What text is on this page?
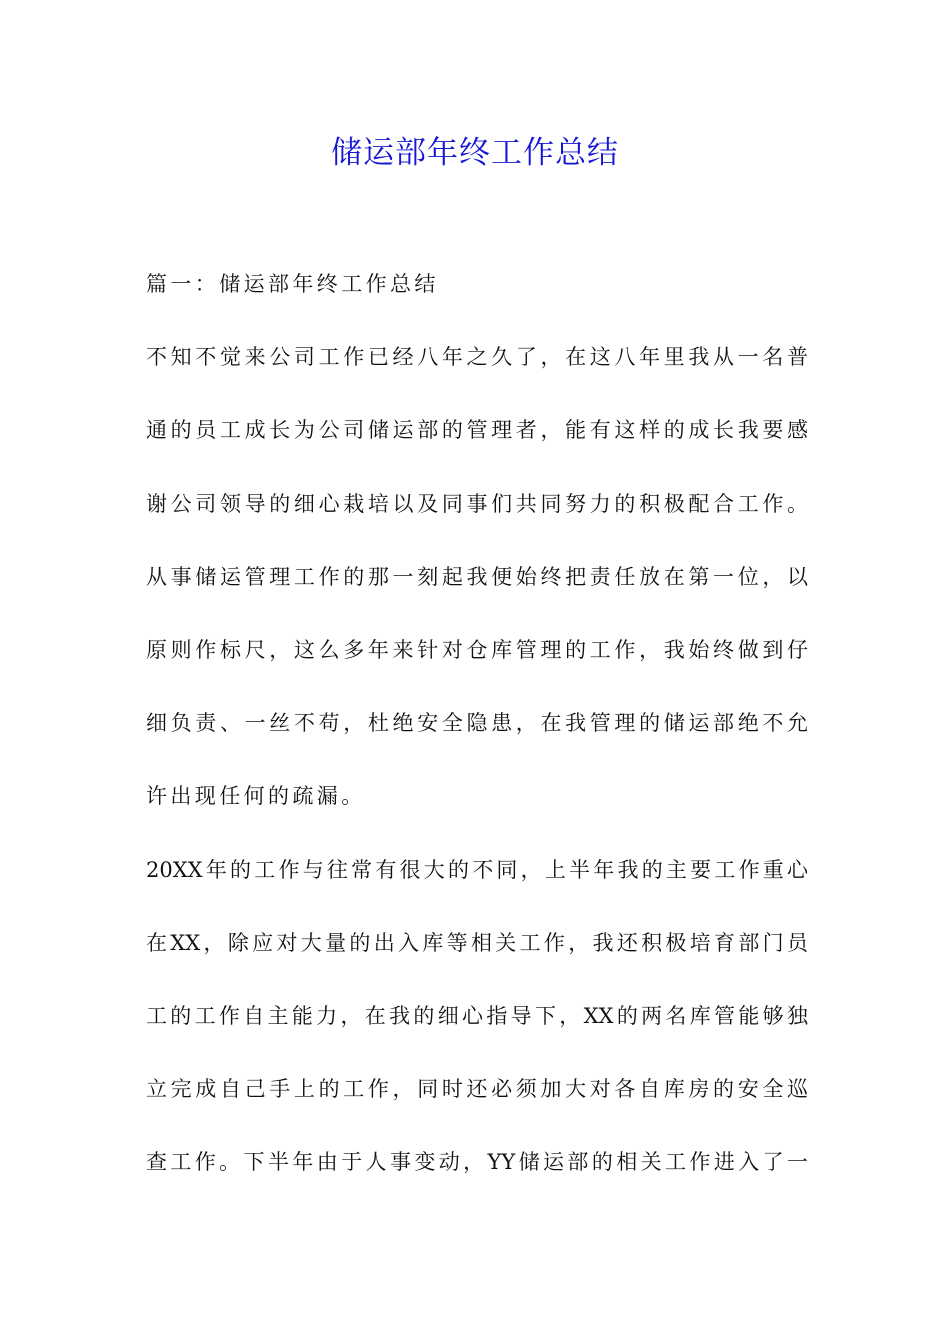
储运部年终工作总结
篇一：储运部年终工作总结
不知不觉来公司工作已经八年之久了，在这八年里我从一名普
通的员工成长为公司储运部的管理者，能有这样的成长我要感
谢公司领导的细心栽培以及同事们共同努力的积极配合工作。
从事储运管理工作的那一刻起我便始终把责任放在第一位，以
原则作标尺，这么多年来针对仓库管理的工作，我始终做到仔
细负责、一丝不苟，杜绝安全隐患，在我管理的储运部绝不允
许出现任何的疏漏。
20XX年的工作与往常有很大的不同，上半年我的主要工作重心
在XX，除应对大量的出入库等相关工作，我还积极培育部门员
工的工作自主能力，在我的细心指导下，XX的两名库管能够独
立完成自己手上的工作，同时还必须加大对各自库房的安全巡
查工作。下半年由于人事变动，YY储运部的相关工作进入了一
